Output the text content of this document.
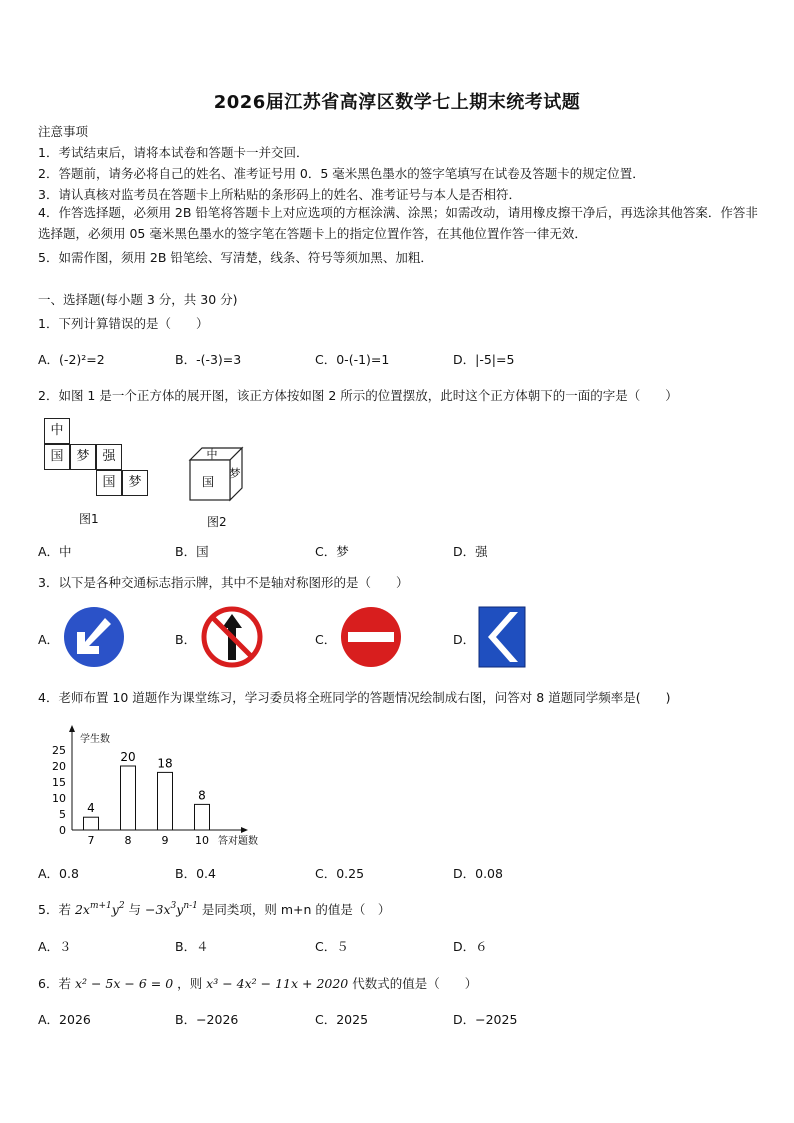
2026届江苏省高淳区数学七上期末统考试题
注意事项
1．考试结束后，请将本试卷和答题卡一并交回．
2．答题前，请务必将自己的姓名、准考证号用 0．5 毫米黑色墨水的签字笔填写在试卷及答题卡的规定位置．
3．请认真核对监考员在答题卡上所粘贴的条形码上的姓名、准考证号与本人是否相符．
4．作答选择题，必须用 2B 铅笔将答题卡上对应选项的方框涂满、涂黑；如需改动，请用橡皮擦干净后，再选涂其他答案．作答非选择题，必须用 05 毫米黑色墨水的签字笔在答题卡上的指定位置作答，在其他位置作答一律无效．
5．如需作图，须用 2B 铅笔绘、写清楚，线条、符号等须加黑、加粗．
一、选择题(每小题 3 分，共 30 分)
1．下列计算错误的是（　　）
A．(-2)²=2	B．-(-3)=3	C．0-(-1)=1	D．|-5|=5
2．如图 1 是一个正方体的展开图，该正方体按如图 2 所示的位置摆放，此时这个正方体朝下的一面的字是（　　）
中
国 梦 强
国 梦
图1
中
国
梦
图2
A．中	B．国	C．梦	D．强
3．以下是各种交通标志指示牌，其中不是轴对称图形的是（　　）
A．	B．	C．	D．
4．老师布置 10 道题作为课堂练习，学习委员将全班同学的答题情况绘制成右图，问答对 8 道题同学频率是(　　)
学生数
答对题数
0
5
10
15
20
25
4
7
20
8
18
9
8
10
A．0.8	B．0.4	C．0.25	D．0.08
5．若 $2x^{m+1}y^2$ 与 $-3x^3y^{n-1}$ 是同类项，则 m+n 的值是（　）
A．３	B．４	C．５	D．６
6．若 x² − 5x − 6 = 0 ，则 x³ − 4x² − 11x + 2020 代数式的值是（　　）
A．2026	B．−2026	C．2025	D．−2025
